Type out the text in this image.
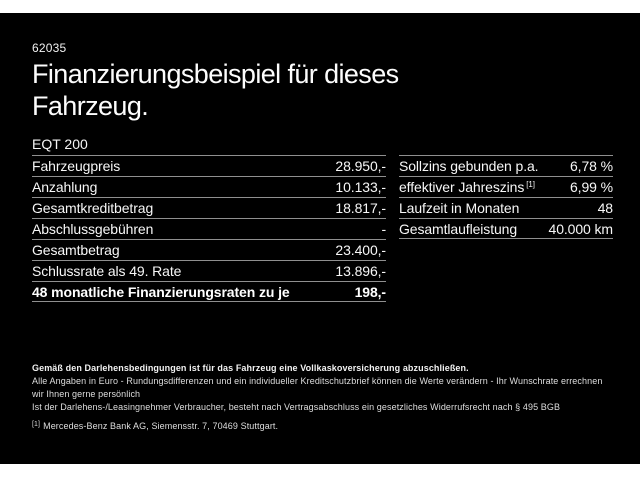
62035
Finanzierungsbeispiel für dieses
Fahrzeug.
EQT 200
Fahrzeugpreis	28.950,-
Anzahlung	10.133,-
Gesamtkreditbetrag	18.817,-
Abschlussgebühren	-
Gesamtbetrag	23.400,-
Schlussrate als 49. Rate	13.896,-
48 monatliche Finanzierungsraten zu je	198,-
Sollzins gebunden p.a. 6,78 %
effektiver Jahreszins [1]	6,99 %
Laufzeit in Monaten	48
Gesamtlaufleistung 40.000 km
Gemäß den Darlehensbedingungen ist für das Fahrzeug eine Vollkaskoversicherung abzuschließen.
Alle Angaben in Euro - Rundungsdifferenzen und ein individueller Kreditschutzbrief können die Werte verändern - Ihr Wunschrate errechnen wir Ihnen gerne persönlich
Ist der Darlehens-/Leasingnehmer Verbraucher, besteht nach Vertragsabschluss ein gesetzliches Widerrufsrecht nach § 495 BGB
[1] Mercedes-Benz Bank AG, Siemensstr. 7, 70469 Stuttgart.
